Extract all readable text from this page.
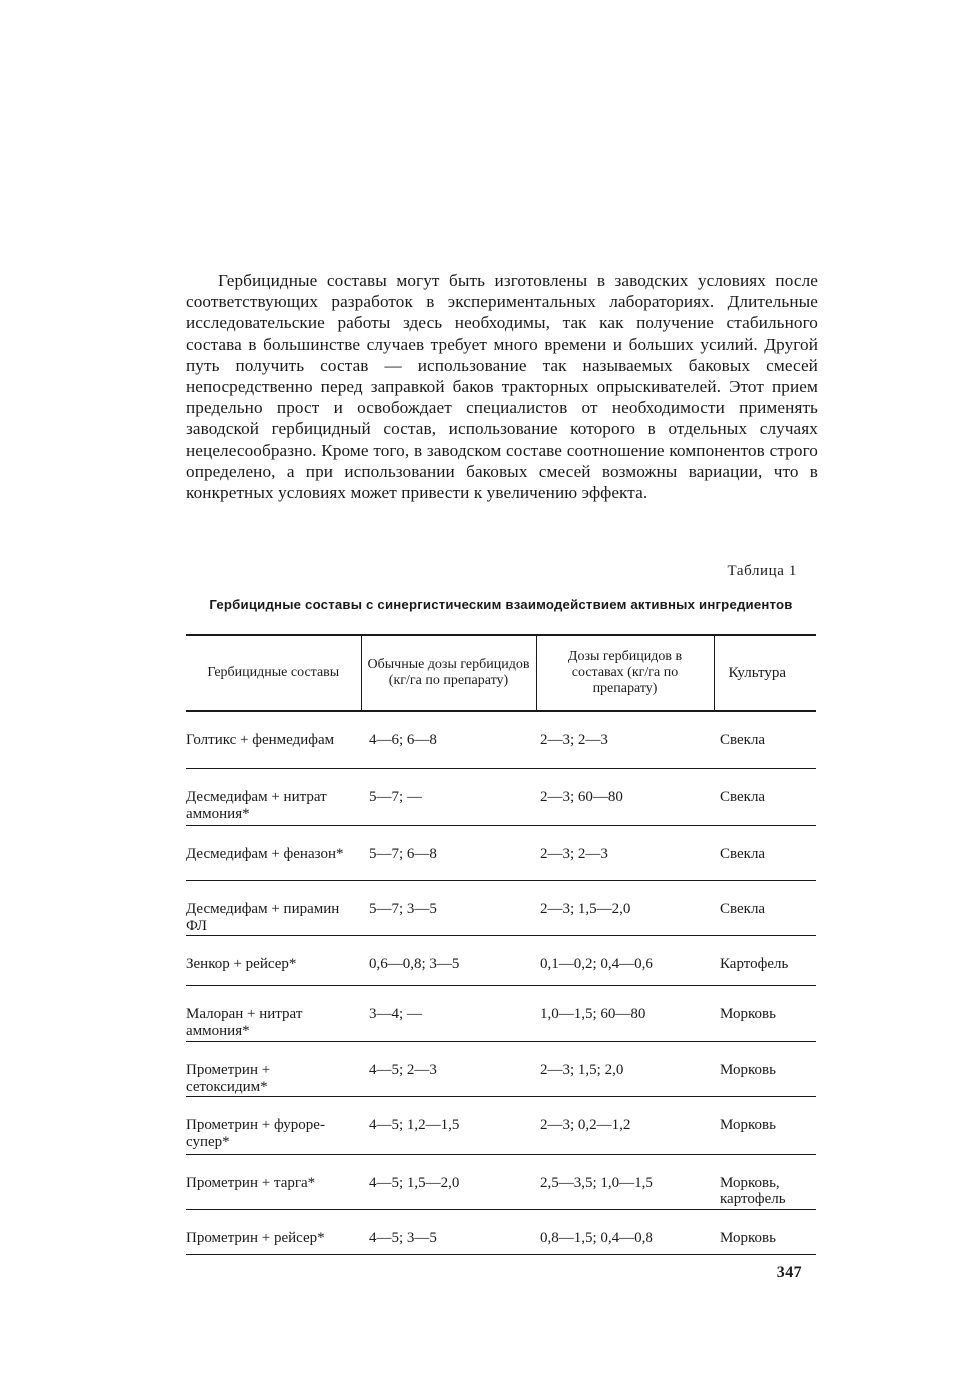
Гербицидные составы могут быть изготовлены в заводских условиях после соответствующих разработок в экспериментальных лабораториях. Длительные исследовательские работы здесь необходимы, так как получение стабильного состава в большинстве случаев требует много времени и больших усилий. Другой путь получить состав — использование так называемых баковых смесей непосредственно перед заправкой баков тракторных опрыскивателей. Этот прием предельно прост и освобождает специалистов от необходимости применять заводской гербицидный состав, использование которого в отдельных случаях нецелесообразно. Кроме того, в заводском составе соотношение компонентов строго определено, а при использовании баковых смесей возможны вариации, что в конкретных условиях может привести к увеличению эффекта.

Таблица 1
Гербицидные составы с синергистическим взаимодействием активных ингредиентов
Гербицидные составы	Обычные дозы гербицидов (кг/га по препарату)	Дозы гербицидов в составах (кг/га по препарату)	Культура

Голтикс + фенмедифам	4—6; 6—8	2—3; 2—3	Свекла

Десмедифам + нитрат аммония*	5—7; —	2—3; 60—80	Свекла

Десмедифам + феназон*	5—7; 6—8	2—3; 2—3	Свекла

Десмедифам + пирамин ФЛ	5—7; 3—5	2—3; 1,5—2,0	Свекла

Зенкор + рейсер*	0,6—0,8; 3—5	0,1—0,2; 0,4—0,6	Картофель

Малоран + нитрат аммония*	3—4; —	1,0—1,5; 60—80	Морковь

Прометрин + сетоксидим*	4—5; 2—3	2—3; 1,5; 2,0	Морковь

Прометрин + фурорe-супер*	4—5; 1,2—1,5	2—3; 0,2—1,2	Морковь

Прометрин + тарга*	4—5; 1,5—2,0	2,5—3,5; 1,0—1,5	Морковь, картофель

Прометрин + рейсер*	4—5; 3—5	0,8—1,5; 0,4—0,8	Морковь
347
